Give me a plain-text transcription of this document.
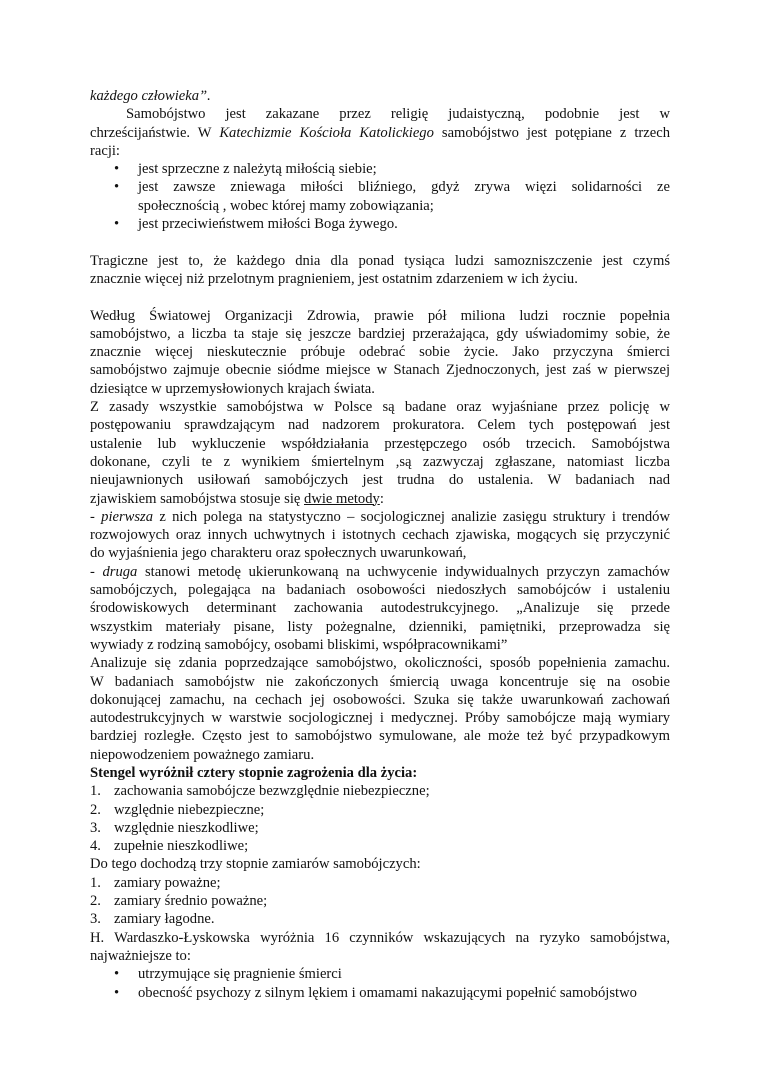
każdego człowieka”.
Samobójstwo jest zakazane przez religię judaistyczną, podobnie jest w
chrześcijaństwie. W Katechizmie Kościoła Katolickiego samobójstwo jest potępiane z trzech
racji:
• jest sprzeczne z należytą miłością siebie;
• jest zawsze zniewaga miłości bliźniego, gdyż zrywa więzi solidarności ze
społecznością , wobec której mamy zobowiązania;
• jest przeciwieństwem miłości Boga żywego.
Tragiczne jest to, że każdego dnia dla ponad tysiąca ludzi samozniszczenie jest czymś
znacznie więcej niż przelotnym pragnieniem, jest ostatnim zdarzeniem w ich życiu.
Według Światowej Organizacji Zdrowia, prawie pół miliona ludzi rocznie popełnia
samobójstwo, a liczba ta staje się jeszcze bardziej przerażająca, gdy uświadomimy sobie, że
znacznie więcej nieskutecznie próbuje odebrać sobie życie. Jako przyczyna śmierci
samobójstwo zajmuje obecnie siódme miejsce w Stanach Zjednoczonych, jest zaś w pierwszej
dziesiątce w uprzemysłowionych krajach świata.
Z zasady wszystkie samobójstwa w Polsce są badane oraz wyjaśniane przez policję w
postępowaniu sprawdzającym nad nadzorem prokuratora. Celem tych postępowań jest
ustalenie lub wykluczenie współdziałania przestępczego osób trzecich. Samobójstwa
dokonane, czyli te z wynikiem śmiertelnym ,są zazwyczaj zgłaszane, natomiast liczba
nieujawnionych usiłowań samobójczych jest trudna do ustalenia. W badaniach nad
zjawiskiem samobójstwa stosuje się dwie metody:
- pierwsza z nich polega na statystyczno – socjologicznej analizie zasięgu struktury i trendów
rozwojowych oraz innych uchwytnych i istotnych cechach zjawiska, mogących się przyczynić
do wyjaśnienia jego charakteru oraz społecznych uwarunkowań,
- druga stanowi metodę ukierunkowaną na uchwycenie indywidualnych przyczyn zamachów
samobójczych, polegająca na badaniach osobowości niedoszłych samobójców i ustaleniu
środowiskowych determinant zachowania autodestrukcyjnego. „Analizuje się przede
wszystkim materiały pisane, listy pożegnalne, dzienniki, pamiętniki, przeprowadza się
wywiady z rodziną samobójcy, osobami bliskimi, współpracownikami”
Analizuje się zdania poprzedzające samobójstwo, okoliczności, sposób popełnienia zamachu.
W badaniach samobójstw nie zakończonych śmiercią uwaga koncentruje się na osobie
dokonującej zamachu, na cechach jej osobowości. Szuka się także uwarunkowań zachowań
autodestrukcyjnych w warstwie socjologicznej i medycznej. Próby samobójcze mają wymiary
bardziej rozległe. Często jest to samobójstwo symulowane, ale może też być przypadkowym
niepowodzeniem poważnego zamiaru.
Stengel wyróżnił cztery stopnie zagrożenia dla życia:
1. zachowania samobójcze bezwzględnie niebezpieczne;
2. względnie niebezpieczne;
3. względnie nieszkodliwe;
4. zupełnie nieszkodliwe;
Do tego dochodzą trzy stopnie zamiarów samobójczych:
1. zamiary poważne;
2. zamiary średnio poważne;
3. zamiary łagodne.
H. Wardaszko-Łyskowska wyróżnia 16 czynników wskazujących na ryzyko samobójstwa,
najważniejsze to:
• utrzymujące się pragnienie śmierci
• obecność psychozy z silnym lękiem i omamami nakazującymi popełnić samobójstwo
